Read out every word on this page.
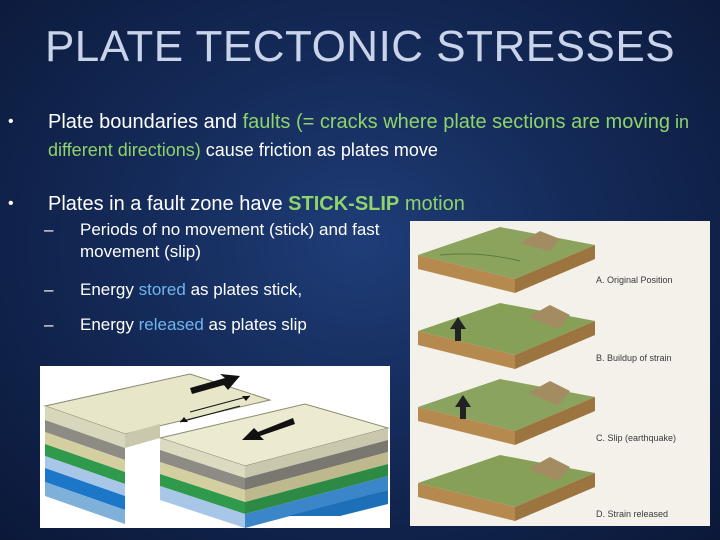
PLATE TECTONIC STRESSES
• Plate boundaries and faults (= cracks where plate sections are moving in different directions) cause friction as plates move
• Plates in a fault zone have STICK-SLIP motion
– Periods of no movement (stick) and fast movement (slip)
– Energy stored as plates stick,
– Energy released as plates slip
A. Original Position
B. Buildup of strain
C. Slip (earthquake)
D. Strain released
